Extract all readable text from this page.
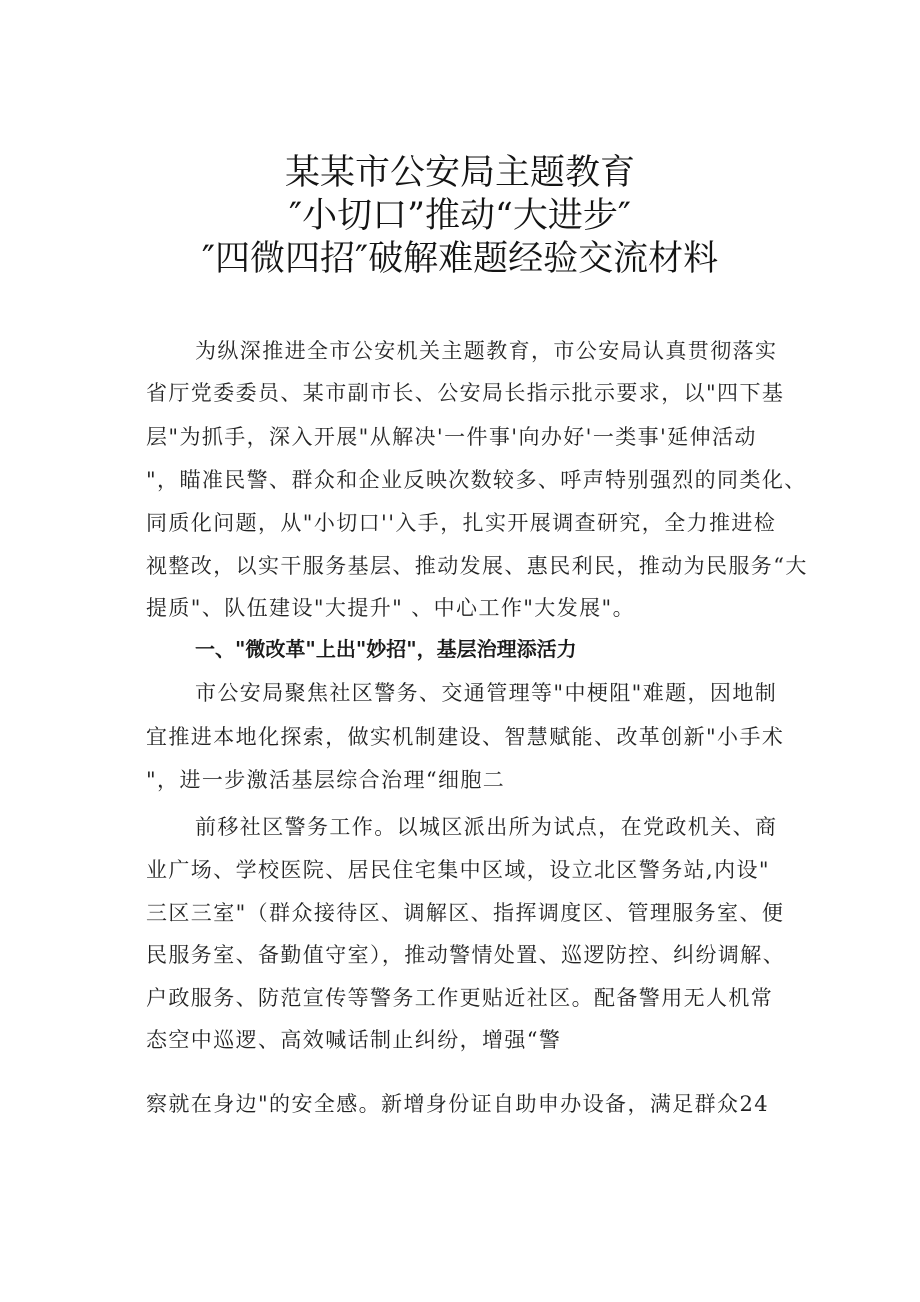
某某市公安局主题教育
″小切口”推动“大进步″
″四微四招″破解难题经验交流材料
为纵深推进全市公安机关主题教育，市公安局认真贯彻落实
省厅党委委员、某市副市长、公安局长指示批示要求，以"四下基
层"为抓手，深入开展"从解决'一件事'向办好'一类事'延伸活动
"，瞄准民警、群众和企业反映次数较多、呼声特别强烈的同类化、
同质化问题，从"小切口''入手，扎实开展调查研究，全力推进检
视整改，以实干服务基层、推动发展、惠民利民，推动为民服务“大
提质"、队伍建设"大提升" 、中心工作"大发展"。
一、"微改革"上出"妙招"，基层治理添活力
市公安局聚焦社区警务、交通管理等"中梗阻"难题，因地制
宜推进本地化探索，做实机制建设、智慧赋能、改革创新"小手术
"，进一步激活基层综合治理“细胞二
前移社区警务工作。以城区派出所为试点，在党政机关、商
业广场、学校医院、居民住宅集中区域，设立北区警务站,内设"
三区三室"（群众接待区、调解区、指挥调度区、管理服务室、便
民服务室、备勤值守室），推动警情处置、巡逻防控、纠纷调解、
户政服务、防范宣传等警务工作更贴近社区。配备警用无人机常
态空中巡逻、高效喊话制止纠纷，增强“警
察就在身边"的安全感。新增身份证自助申办设备，满足群众24
